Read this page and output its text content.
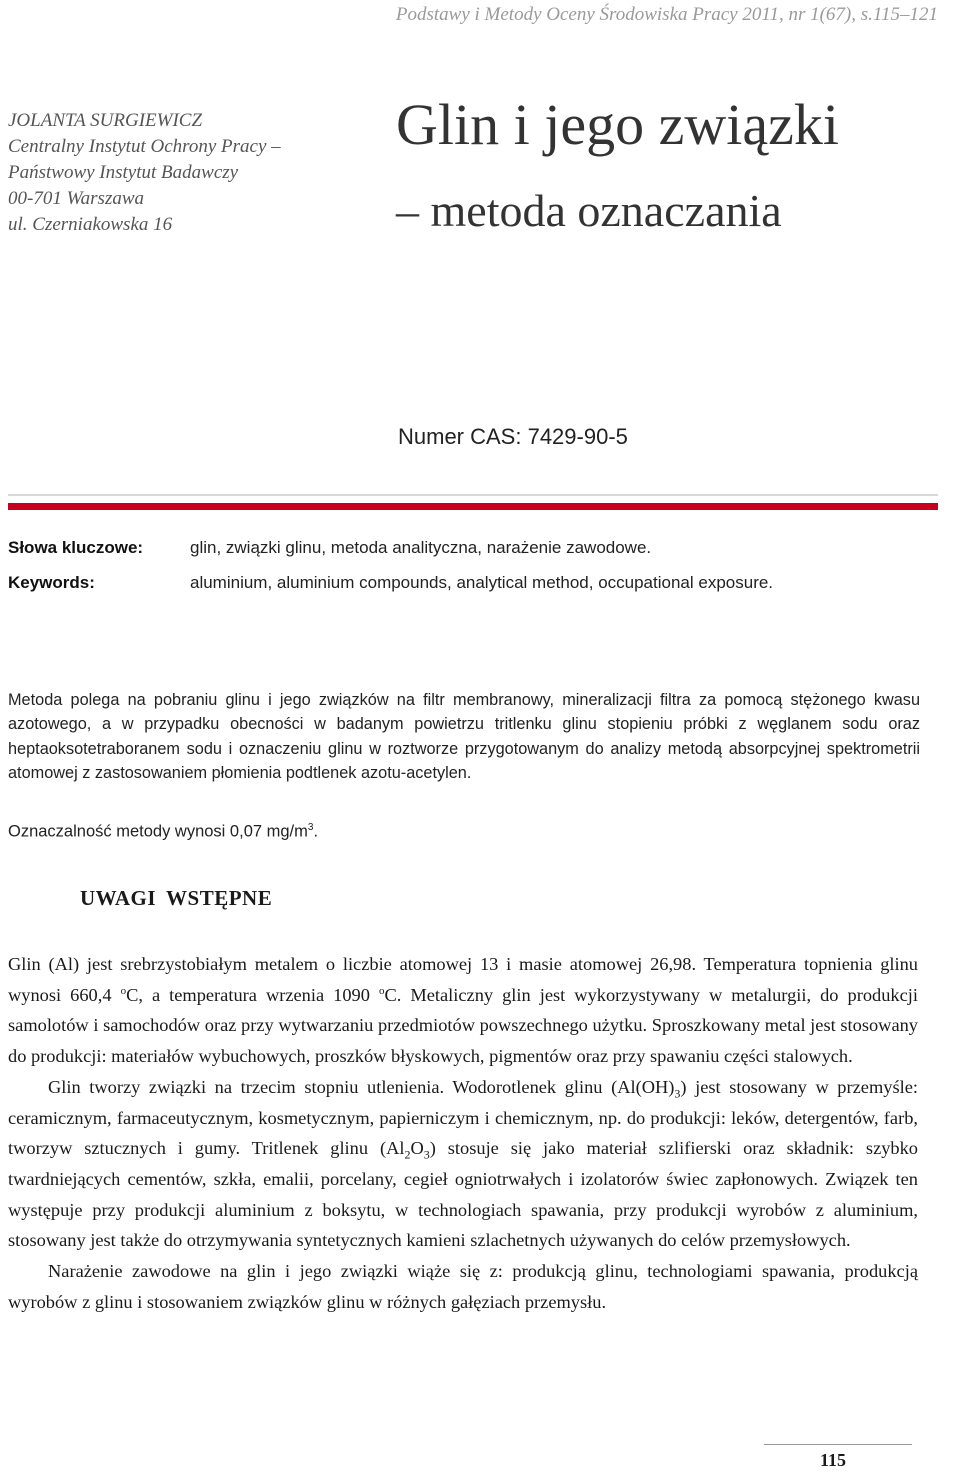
Podstawy i Metody Oceny Środowiska Pracy 2011, nr 1(67), s.115–121
JOLANTA SURGIEWICZ
Centralny Instytut Ochrony Pracy –
Państwowy Instytut Badawczy
00-701 Warszawa
ul. Czerniakowska 16
Glin i jego związki
– metoda oznaczania
Numer CAS: 7429-90-5
Słowa kluczowe:	glin, związki glinu, metoda analityczna, narażenie zawodowe.
Keywords:	aluminium, aluminium compounds, analytical method, occupational exposure.

Metoda polega na pobraniu glinu i jego związków na filtr membranowy, mineralizacji filtra za pomocą stężonego kwasu azotowego, a w przypadku obecności w badanym powietrzu tritlenku glinu stopieniu próbki z węglanem sodu oraz heptaoksotetraboranem sodu i oznaczeniu glinu w roztworze przygotowanym do analizy metodą absorpcyjnej spektrometrii atomowej z zastosowaniem płomienia podtlenek azotu-acetylen.

Oznaczalność metody wynosi 0,07 $mg/m^3$.
UWAGI WSTĘPNE

Glin (Al) jest srebrzystobiałym metalem o liczbie atomowej 13 i masie atomowej 26,98. Temperatura topnienia glinu wynosi 660,4 $^o$C, a temperatura wrzenia 1090 $^o$C. Metaliczny glin jest wykorzystywany w metalurgii, do produkcji samolotów i samochodów oraz przy wytwarzaniu przedmiotów powszechnego użytku. Sproszkowany metal jest stosowany do produkcji: materiałów wybuchowych, proszków błyskowych, pigmentów oraz przy spawaniu części stalowych.

Glin tworzy związki na trzecim stopniu utlenienia. Wodorotlenek glinu $(Al(OH)_3)$ jest stosowany w przemyśle: ceramicznym, farmaceutycznym, kosmetycznym, papierniczym i chemicznym, np. do produkcji: leków, detergentów, farb, tworzyw sztucznych i gumy. Tritlenek glinu $(Al_2O_3)$ stosuje się jako materiał szlifierski oraz składnik: szybko twardniejących cementów, szkła, emalii, porcelany, cegieł ogniotrwałych i izolatorów świec zapłonowych. Związek ten występuje przy produkcji aluminium z boksytu, w technologiach spawania, przy produkcji wyrobów z aluminium, stosowany jest także do otrzymywania syntetycznych kamieni szlachetnych używanych do celów przemysłowych.

Narażenie zawodowe na glin i jego związki wiąże się z: produkcją glinu, technologiami spawania, produkcją wyrobów z glinu i stosowaniem związków glinu w różnych gałęziach przemysłu.

115
